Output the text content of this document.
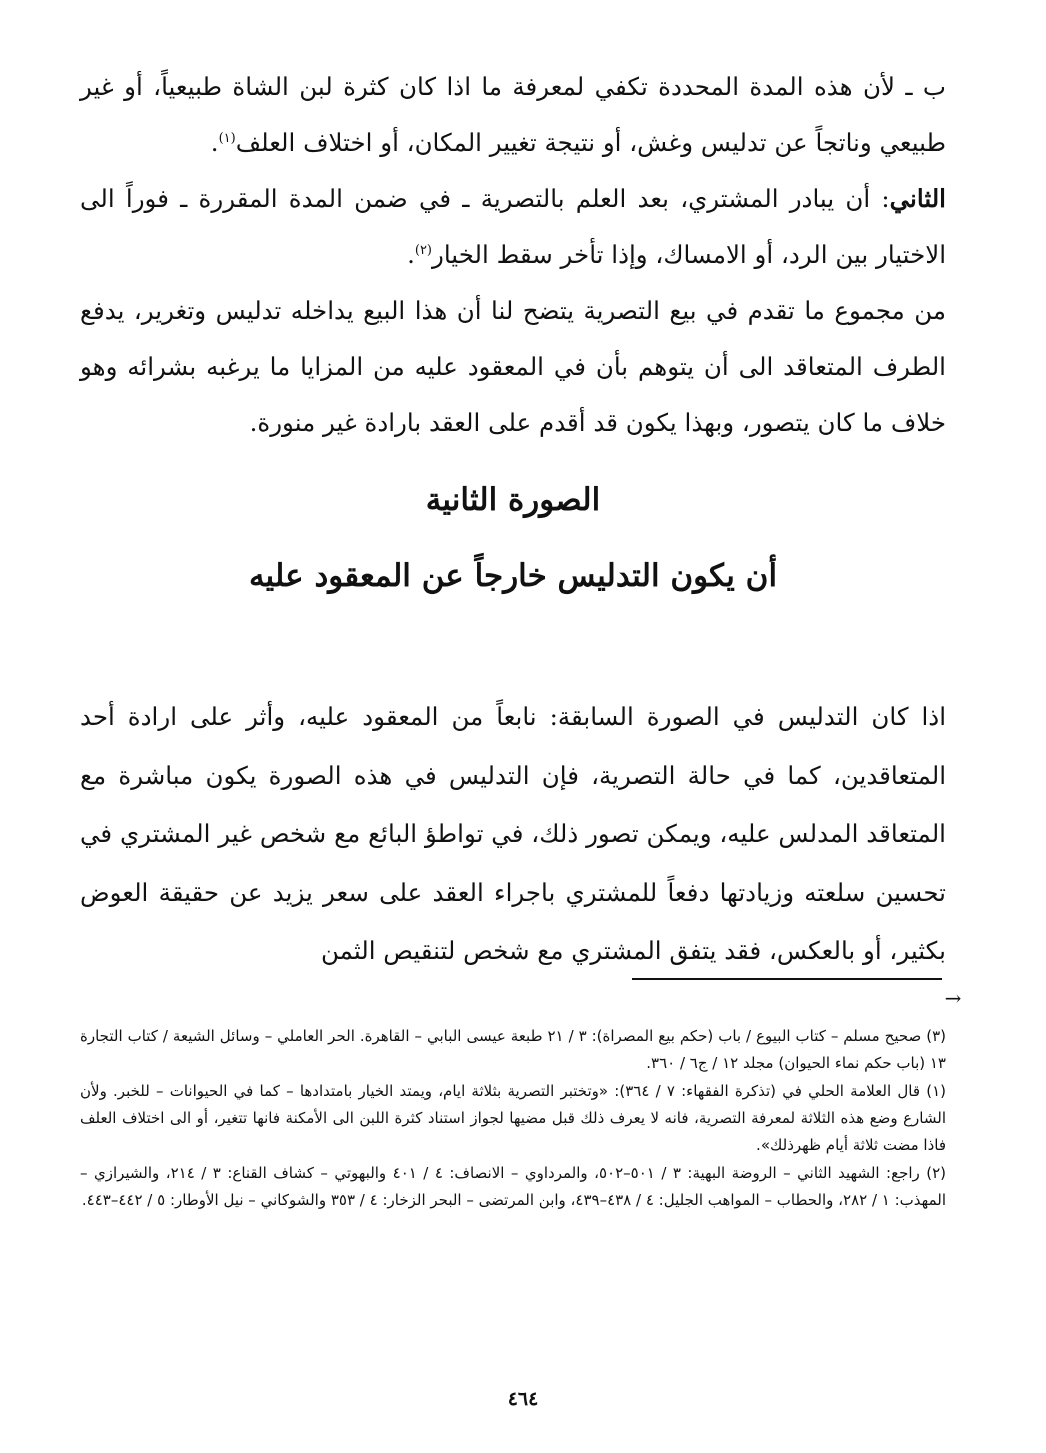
ب ـ لأن هذه المدة المحددة تكفي لمعرفة ما اذا كان كثرة لبن الشاة طبيعياً، أو غير طبيعي وناتجاً عن تدليس وغش، أو نتيجة تغيير المكان، أو اختلاف العلف$^{(١)}$.

الثاني: أن يبادر المشتري، بعد العلم بالتصرية ـ في ضمن المدة المقررة ـ فوراً الى الاختيار بين الرد، أو الامساك، وإذا تأخر سقط الخيار$^{(٢)}$.

من مجموع ما تقدم في بيع التصرية يتضح لنا أن هذا البيع يداخله تدليس وتغرير، يدفع الطرف المتعاقد الى أن يتوهم بأن في المعقود عليه من المزايا ما يرغبه بشرائه وهو خلاف ما كان يتصور، وبهذا يكون قد أقدم على العقد بارادة غير منورة.

الصورة الثانية
أن يكون التدليس خارجاً عن المعقود عليه

اذا كان التدليس في الصورة السابقة: نابعاً من المعقود عليه، وأثر على ارادة أحد المتعاقدين، كما في حالة التصرية، فإن التدليس في هذه الصورة يكون مباشرة مع المتعاقد المدلس عليه، ويمكن تصور ذلك، في تواطؤ البائع مع شخص غير المشتري في تحسين سلعته وزيادتها دفعاً للمشتري باجراء العقد على سعر يزيد عن حقيقة العوض بكثير، أو بالعكس، فقد يتفق المشتري مع شخص لتنقيص الثمن

→
(٣) صحيح مسلم – كتاب البيوع / باب (حكم بيع المصراة): ٣ / ٢١ طبعة عيسى البابي – القاهرة. الحر العاملي – وسائل الشيعة / كتاب التجارة ١٣ (باب حكم نماء الحيوان) مجلد ١٢ / ج٦ / ٣٦٠.
(١) قال العلامة الحلي في (تذكرة الفقهاء: ٧ / ٣٦٤): «وتختبر التصرية بثلاثة ايام، ويمتد الخيار بامتدادها – كما في الحيوانات – للخبر. ولأن الشارع وضع هذه الثلاثة لمعرفة التصرية، فانه لا يعرف ذلك قبل مضيها لجواز استناد كثرة اللبن الى الأمكنة فانها تتغير، أو الى اختلاف العلف فاذا مضت ثلاثة أيام ظهرذلك».
(٢) راجع: الشهيد الثاني – الروضة البهية: ٣ / ٥٠١–٥٠٢، والمرداوي – الانصاف: ٤ / ٤٠١ والبهوتي – كشاف القناع: ٣ / ٢١٤، والشيرازي – المهذب: ١ / ٢٨٢، والحطاب – المواهب الجليل: ٤ / ٤٣٨–٤٣٩، وابن المرتضى – البحر الزخار: ٤ / ٣٥٣ والشوكاني – نيل الأوطار: ٥ / ٤٤٢–٤٤٣.
٤٦٤
